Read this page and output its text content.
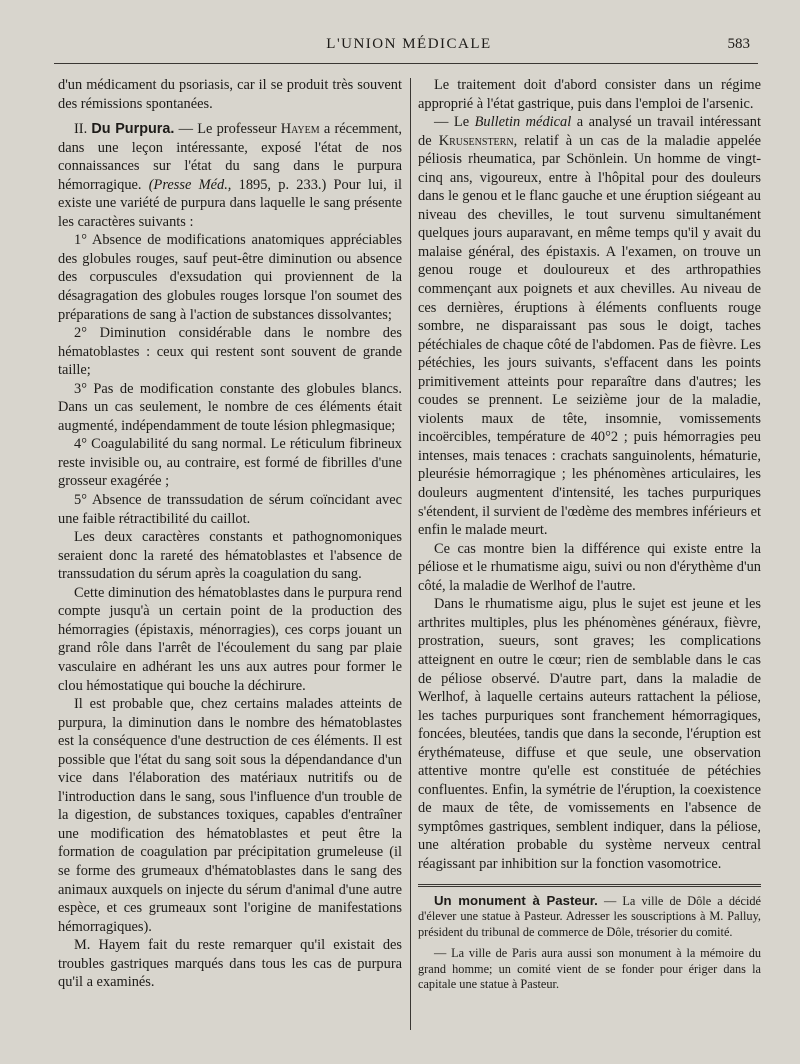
L'UNION MÉDICALE	583

d'un médicament du psoriasis, car il se produit très souvent des rémissions spontanées.

II. Du Purpura. — Le professeur Hayem a récemment, dans une leçon intéressante, exposé l'état de nos connaissances sur l'état du sang dans le purpura hémorragique. (Presse Méd., 1895, p. 233.) Pour lui, il existe une variété de purpura dans laquelle le sang présente les caractères suivants :

1° Absence de modifications anatomiques appréciables des globules rouges, sauf peut-être diminution ou absence des corpuscules d'exsudation qui proviennent de la désagragation des globules rouges lorsque l'on soumet des préparations de sang à l'action de substances dissolvantes;

2° Diminution considérable dans le nombre des hématoblastes : ceux qui restent sont souvent de grande taille;

3° Pas de modification constante des globules blancs. Dans un cas seulement, le nombre de ces éléments était augmenté, indépendamment de toute lésion phlegmasique;

4° Coagulabilité du sang normal. Le réticulum fibrineux reste invisible ou, au contraire, est formé de fibrilles d'une grosseur exagérée ;

5° Absence de transsudation de sérum coïncidant avec une faible rétractibilité du caillot.

Les deux caractères constants et pathognomoniques seraient donc la rareté des hématoblastes et l'absence de transsudation du sérum après la coagulation du sang.

Cette diminution des hématoblastes dans le purpura rend compte jusqu'à un certain point de la production des hémorragies (épistaxis, ménorragies), ces corps jouant un grand rôle dans l'arrêt de l'écoulement du sang par plaie vasculaire en adhérant les uns aux autres pour former le clou hémostatique qui bouche la déchirure.

Il est probable que, chez certains malades atteints de purpura, la diminution dans le nombre des hématoblastes est la conséquence d'une destruction de ces éléments. Il est possible que l'état du sang soit sous la dépendandance d'un vice dans l'élaboration des matériaux nutritifs ou de l'introduction dans le sang, sous l'influence d'un trouble de la digestion, de substances toxiques, capables d'entraîner une modification des hématoblastes et peut être la formation de coagulation par précipitation grumeleuse (il se forme des grumeaux d'hématoblastes dans le sang des animaux auxquels on injecte du sérum d'animal d'une autre espèce, et ces grumeaux sont l'origine de manifestations hémorragiques).

M. Hayem fait du reste remarquer qu'il existait des troubles gastriques marqués dans tous les cas de purpura qu'il a examinés.

Le traitement doit d'abord consister dans un régime approprié à l'état gastrique, puis dans l'emploi de l'arsenic.

— Le Bulletin médical a analysé un travail intéressant de Krusenstern, relatif à un cas de la maladie appelée péliosis rheumatica, par Schönlein. Un homme de vingt-cinq ans, vigoureux, entre à l'hôpital pour des douleurs dans le genou et le flanc gauche et une éruption siégeant au niveau des chevilles, le tout survenu simultanément quelques jours auparavant, en même temps qu'il y avait du malaise général, des épistaxis. A l'examen, on trouve un genou rouge et douloureux et des arthropathies commençant aux poignets et aux chevilles. Au niveau de ces dernières, éruptions à éléments confluents rouge sombre, ne disparaissant pas sous le doigt, taches pétéchiales de chaque côté de l'abdomen. Pas de fièvre. Les pétéchies, les jours suivants, s'effacent dans les points primitivement atteints pour reparaître dans d'autres; les coudes se prennent. Le seizième jour de la maladie, violents maux de tête, insomnie, vomissements incoërcibles, température de 40°2 ; puis hémorragies peu intenses, mais tenaces : crachats sanguinolents, hématurie, pleurésie hémorragique ; les phénomènes articulaires, les douleurs augmentent d'intensité, les taches purpuriques s'étendent, il survient de l'œdème des membres inférieurs et enfin le malade meurt.

Ce cas montre bien la différence qui existe entre la péliose et le rhumatisme aigu, suivi ou non d'érythème d'un côté, la maladie de Werlhof de l'autre.

Dans le rhumatisme aigu, plus le sujet est jeune et les arthrites multiples, plus les phénomènes généraux, fièvre, prostration, sueurs, sont graves; les complications atteignent en outre le cœur; rien de semblable dans le cas de péliose observé. D'autre part, dans la maladie de Werlhof, à laquelle certains auteurs rattachent la péliose, les taches purpuriques sont franchement hémorragiques, foncées, bleutées, tandis que dans la seconde, l'éruption est érythémateuse, diffuse et que seule, une observation attentive montre qu'elle est constituée de pétéchies confluentes. Enfin, la symétrie de l'éruption, la coexistence de maux de tête, de vomissements en l'absence de symptômes gastriques, semblent indiquer, dans la péliose, une altération probable du système nerveux central réagissant par inhibition sur la fonction vasomotrice.

Un monument à Pasteur. — La ville de Dôle a décidé d'élever une statue à Pasteur. Adresser les souscriptions à M. Palluy, président du tribunal de commerce de Dôle, trésorier du comité.

— La ville de Paris aura aussi son monument à la mémoire du grand homme; un comité vient de se fonder pour ériger dans la capitale une statue à Pasteur.
